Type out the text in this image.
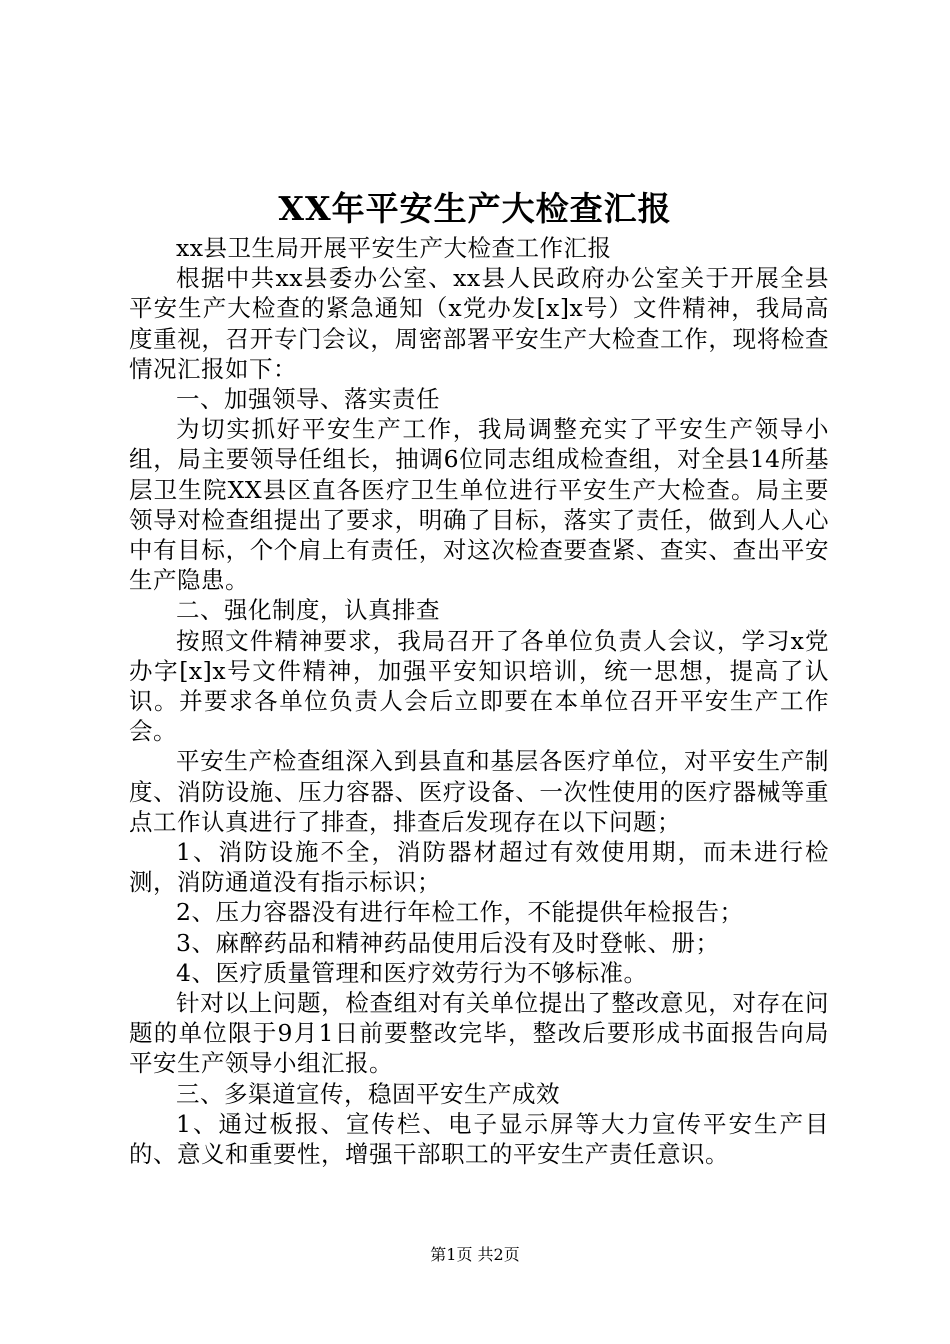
XX年平安生产大检查汇报

xx县卫生局开展平安生产大检查工作汇报

根据中共xx县委办公室、xx县人民政府办公室关于开展全县平安生产大检查的紧急通知（x党办发[x]x号）文件精神，我局高度重视，召开专门会议，周密部署平安生产大检查工作，现将检查情况汇报如下：

一、加强领导、落实责任

为切实抓好平安生产工作，我局调整充实了平安生产领导小组，局主要领导任组长，抽调6位同志组成检查组，对全县14所基层卫生院XX县区直各医疗卫生单位进行平安生产大检查。局主要领导对检查组提出了要求，明确了目标，落实了责任，做到人人心中有目标，个个肩上有责任，对这次检查要查紧、查实、查出平安生产隐患。

二、强化制度，认真排查

按照文件精神要求，我局召开了各单位负责人会议，学习x党办字[x]x号文件精神，加强平安知识培训，统一思想，提高了认识。并要求各单位负责人会后立即要在本单位召开平安生产工作会。

平安生产检查组深入到县直和基层各医疗单位，对平安生产制度、消防设施、压力容器、医疗设备、一次性使用的医疗器械等重点工作认真进行了排查，排查后发现存在以下问题；

1、消防设施不全，消防器材超过有效使用期，而未进行检测，消防通道没有指示标识；

2、压力容器没有进行年检工作，不能提供年检报告；

3、麻醉药品和精神药品使用后没有及时登帐、册；

4、医疗质量管理和医疗效劳行为不够标准。

针对以上问题，检查组对有关单位提出了整改意见，对存在问题的单位限于9月1日前要整改完毕，整改后要形成书面报告向局平安生产领导小组汇报。

三、多渠道宣传，稳固平安生产成效

1、通过板报、宣传栏、电子显示屏等大力宣传平安生产目的、意义和重要性，增强干部职工的平安生产责任意识。

第1页 共2页
